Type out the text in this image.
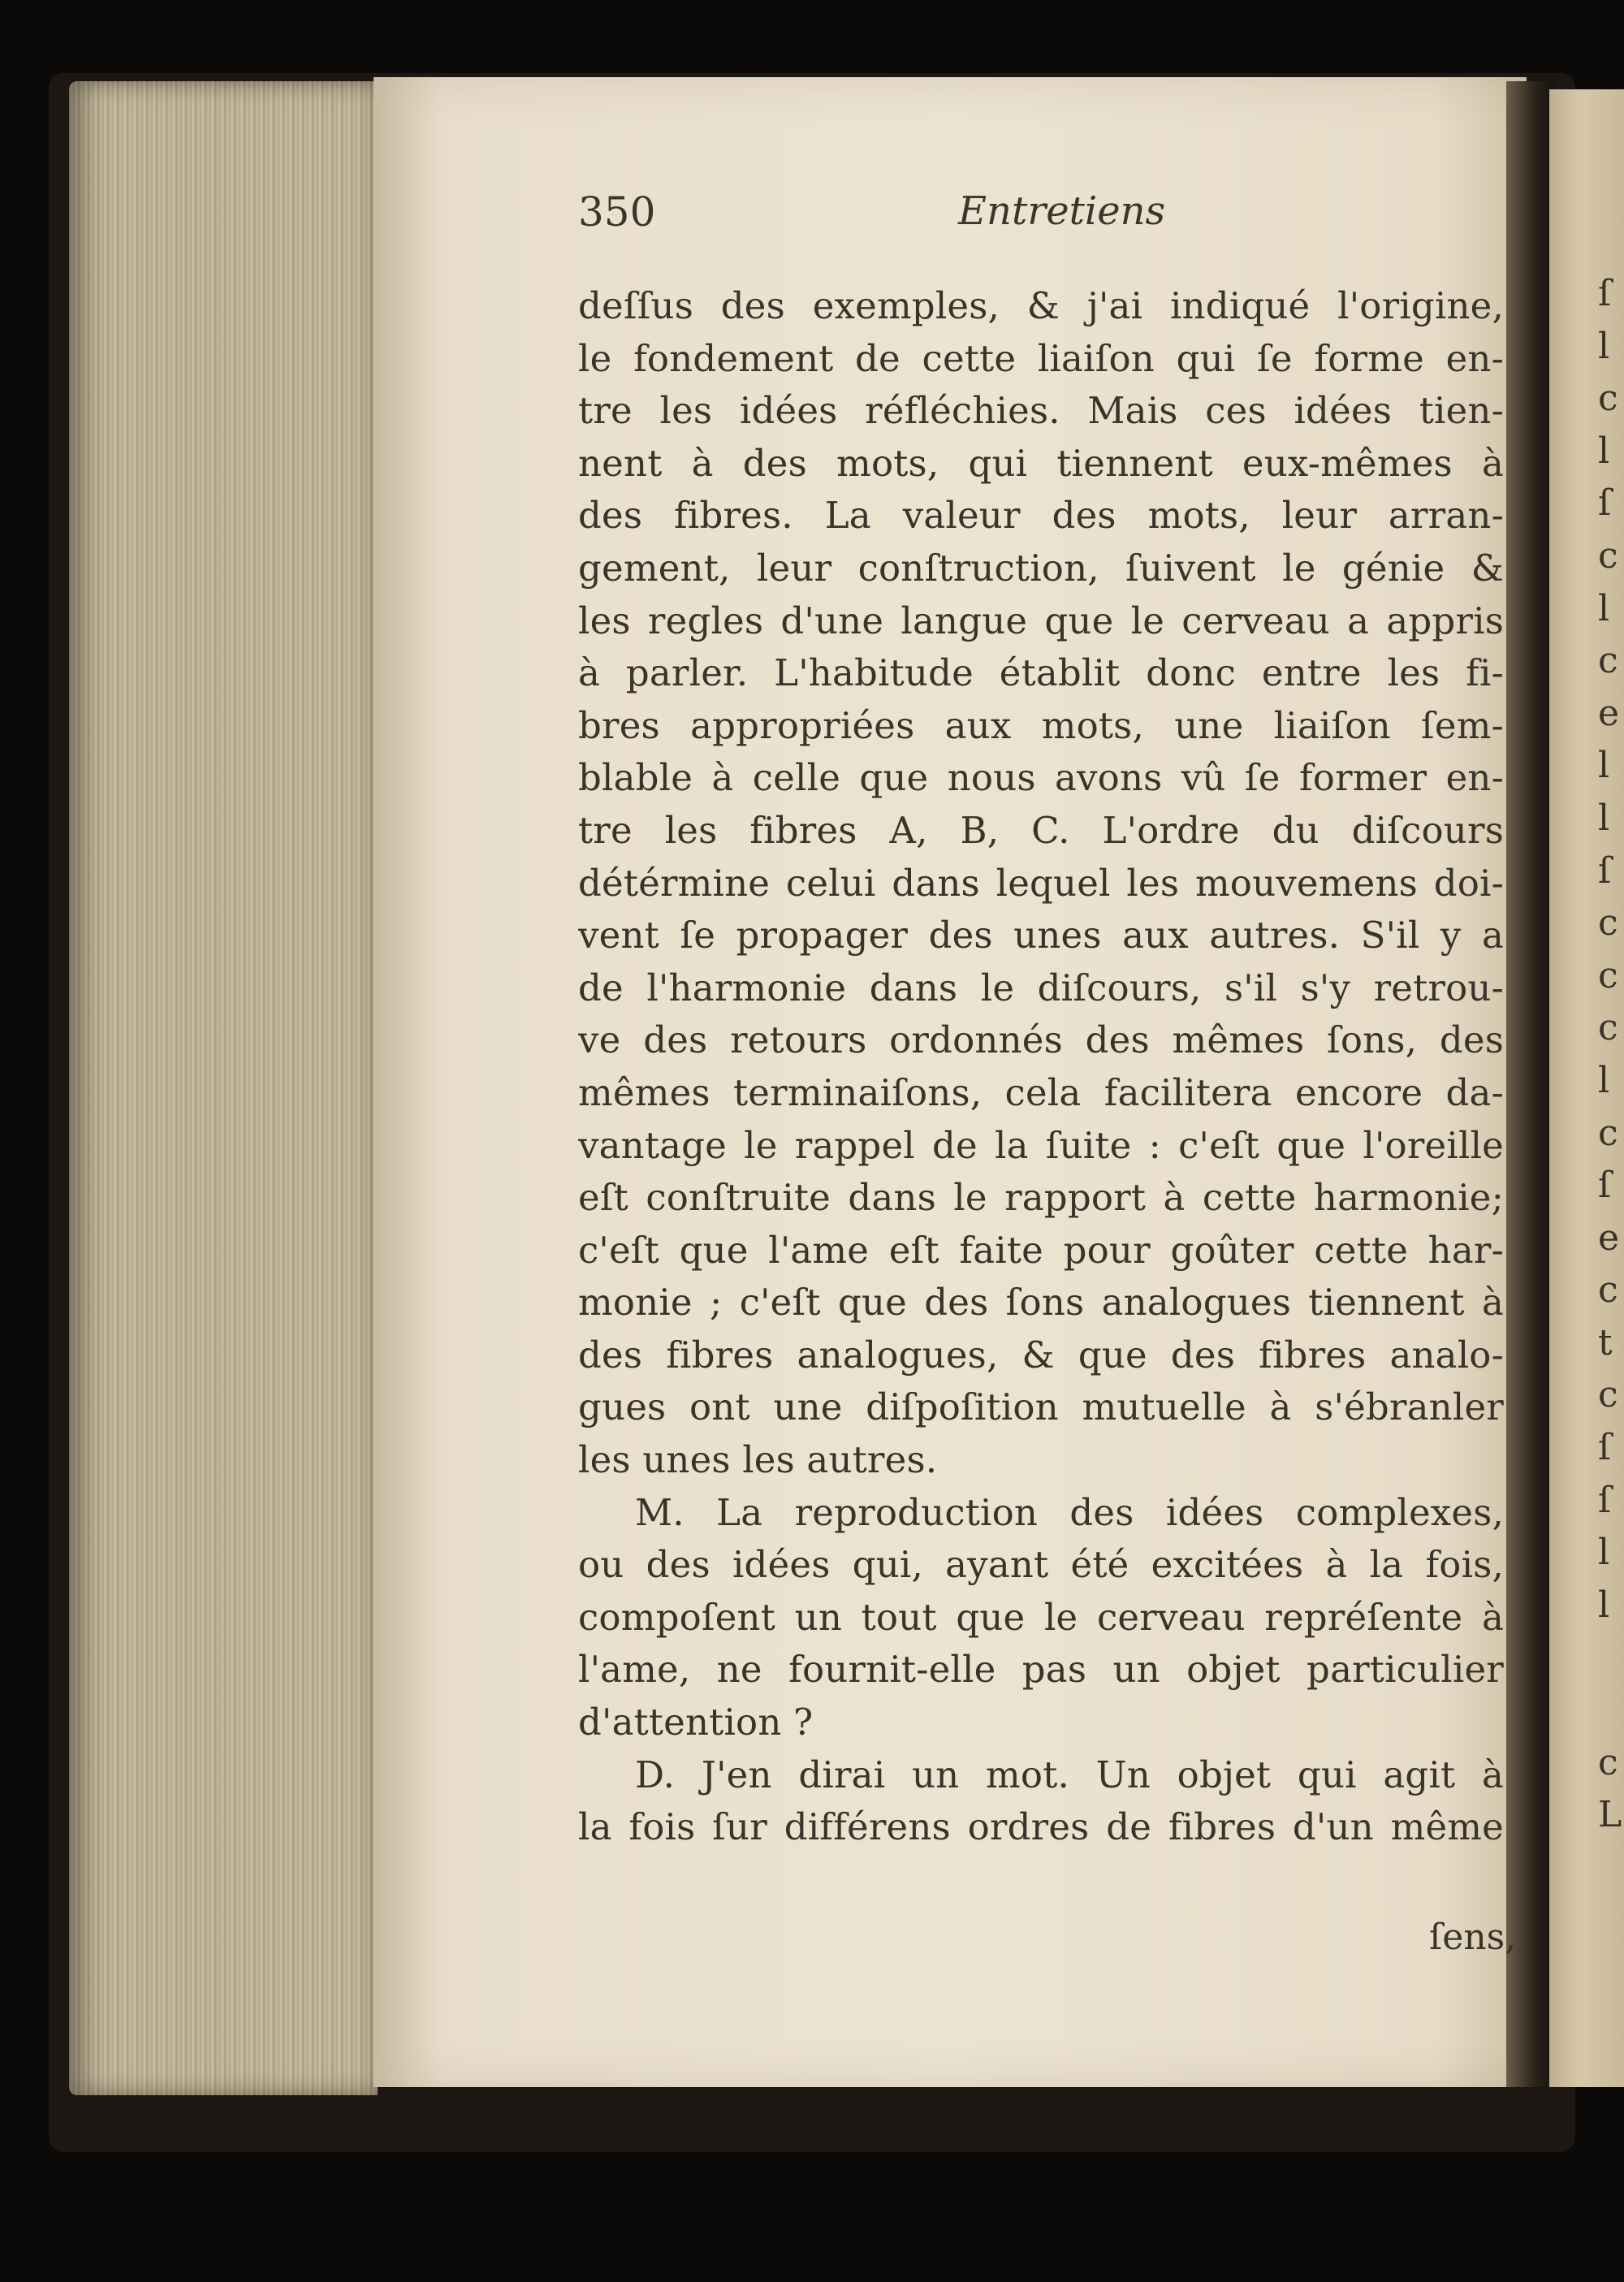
ſ
l
c
l
ſ
c
l
c
e
l
l
ſ
c
c
c
l
c
ſ
e
c
t
c
ſ
ſ
l
l
c
L
350	Entretiens
deſſus des exemples, & j'ai indiqué l'origine,
le fondement de cette liaiſon qui ſe forme en-
tre les idées réfléchies. Mais ces idées tien-
nent à des mots, qui tiennent eux-mêmes à
des fibres. La valeur des mots, leur arran-
gement, leur conſtruction, ſuivent le génie &
les regles d'une langue que le cerveau a appris
à parler. L'habitude établit donc entre les fi-
bres appropriées aux mots, une liaiſon ſem-
blable à celle que nous avons vû ſe former en-
tre les fibres A, B, C. L'ordre du diſcours
détérmine celui dans lequel les mouvemens doi-
vent ſe propager des unes aux autres. S'il y a
de l'harmonie dans le diſcours, s'il s'y retrou-
ve des retours ordonnés des mêmes ſons, des
mêmes terminaiſons, cela facilitera encore da-
vantage le rappel de la ſuite : c'eſt que l'oreille
eſt conſtruite dans le rapport à cette harmonie;
c'eſt que l'ame eſt faite pour goûter cette har-
monie ; c'eſt que des ſons analogues tiennent à
des fibres analogues, & que des fibres analo-
gues ont une diſpoſition mutuelle à s'ébranler
les unes les autres.
M. La reproduction des idées complexes,
ou des idées qui, ayant été excitées à la fois,
compoſent un tout que le cerveau repréſente à
l'ame, ne fournit-elle pas un objet particulier
d'attention ?
D. J'en dirai un mot. Un objet qui agit à
la fois ſur différens ordres de fibres d'un même
ſens,
